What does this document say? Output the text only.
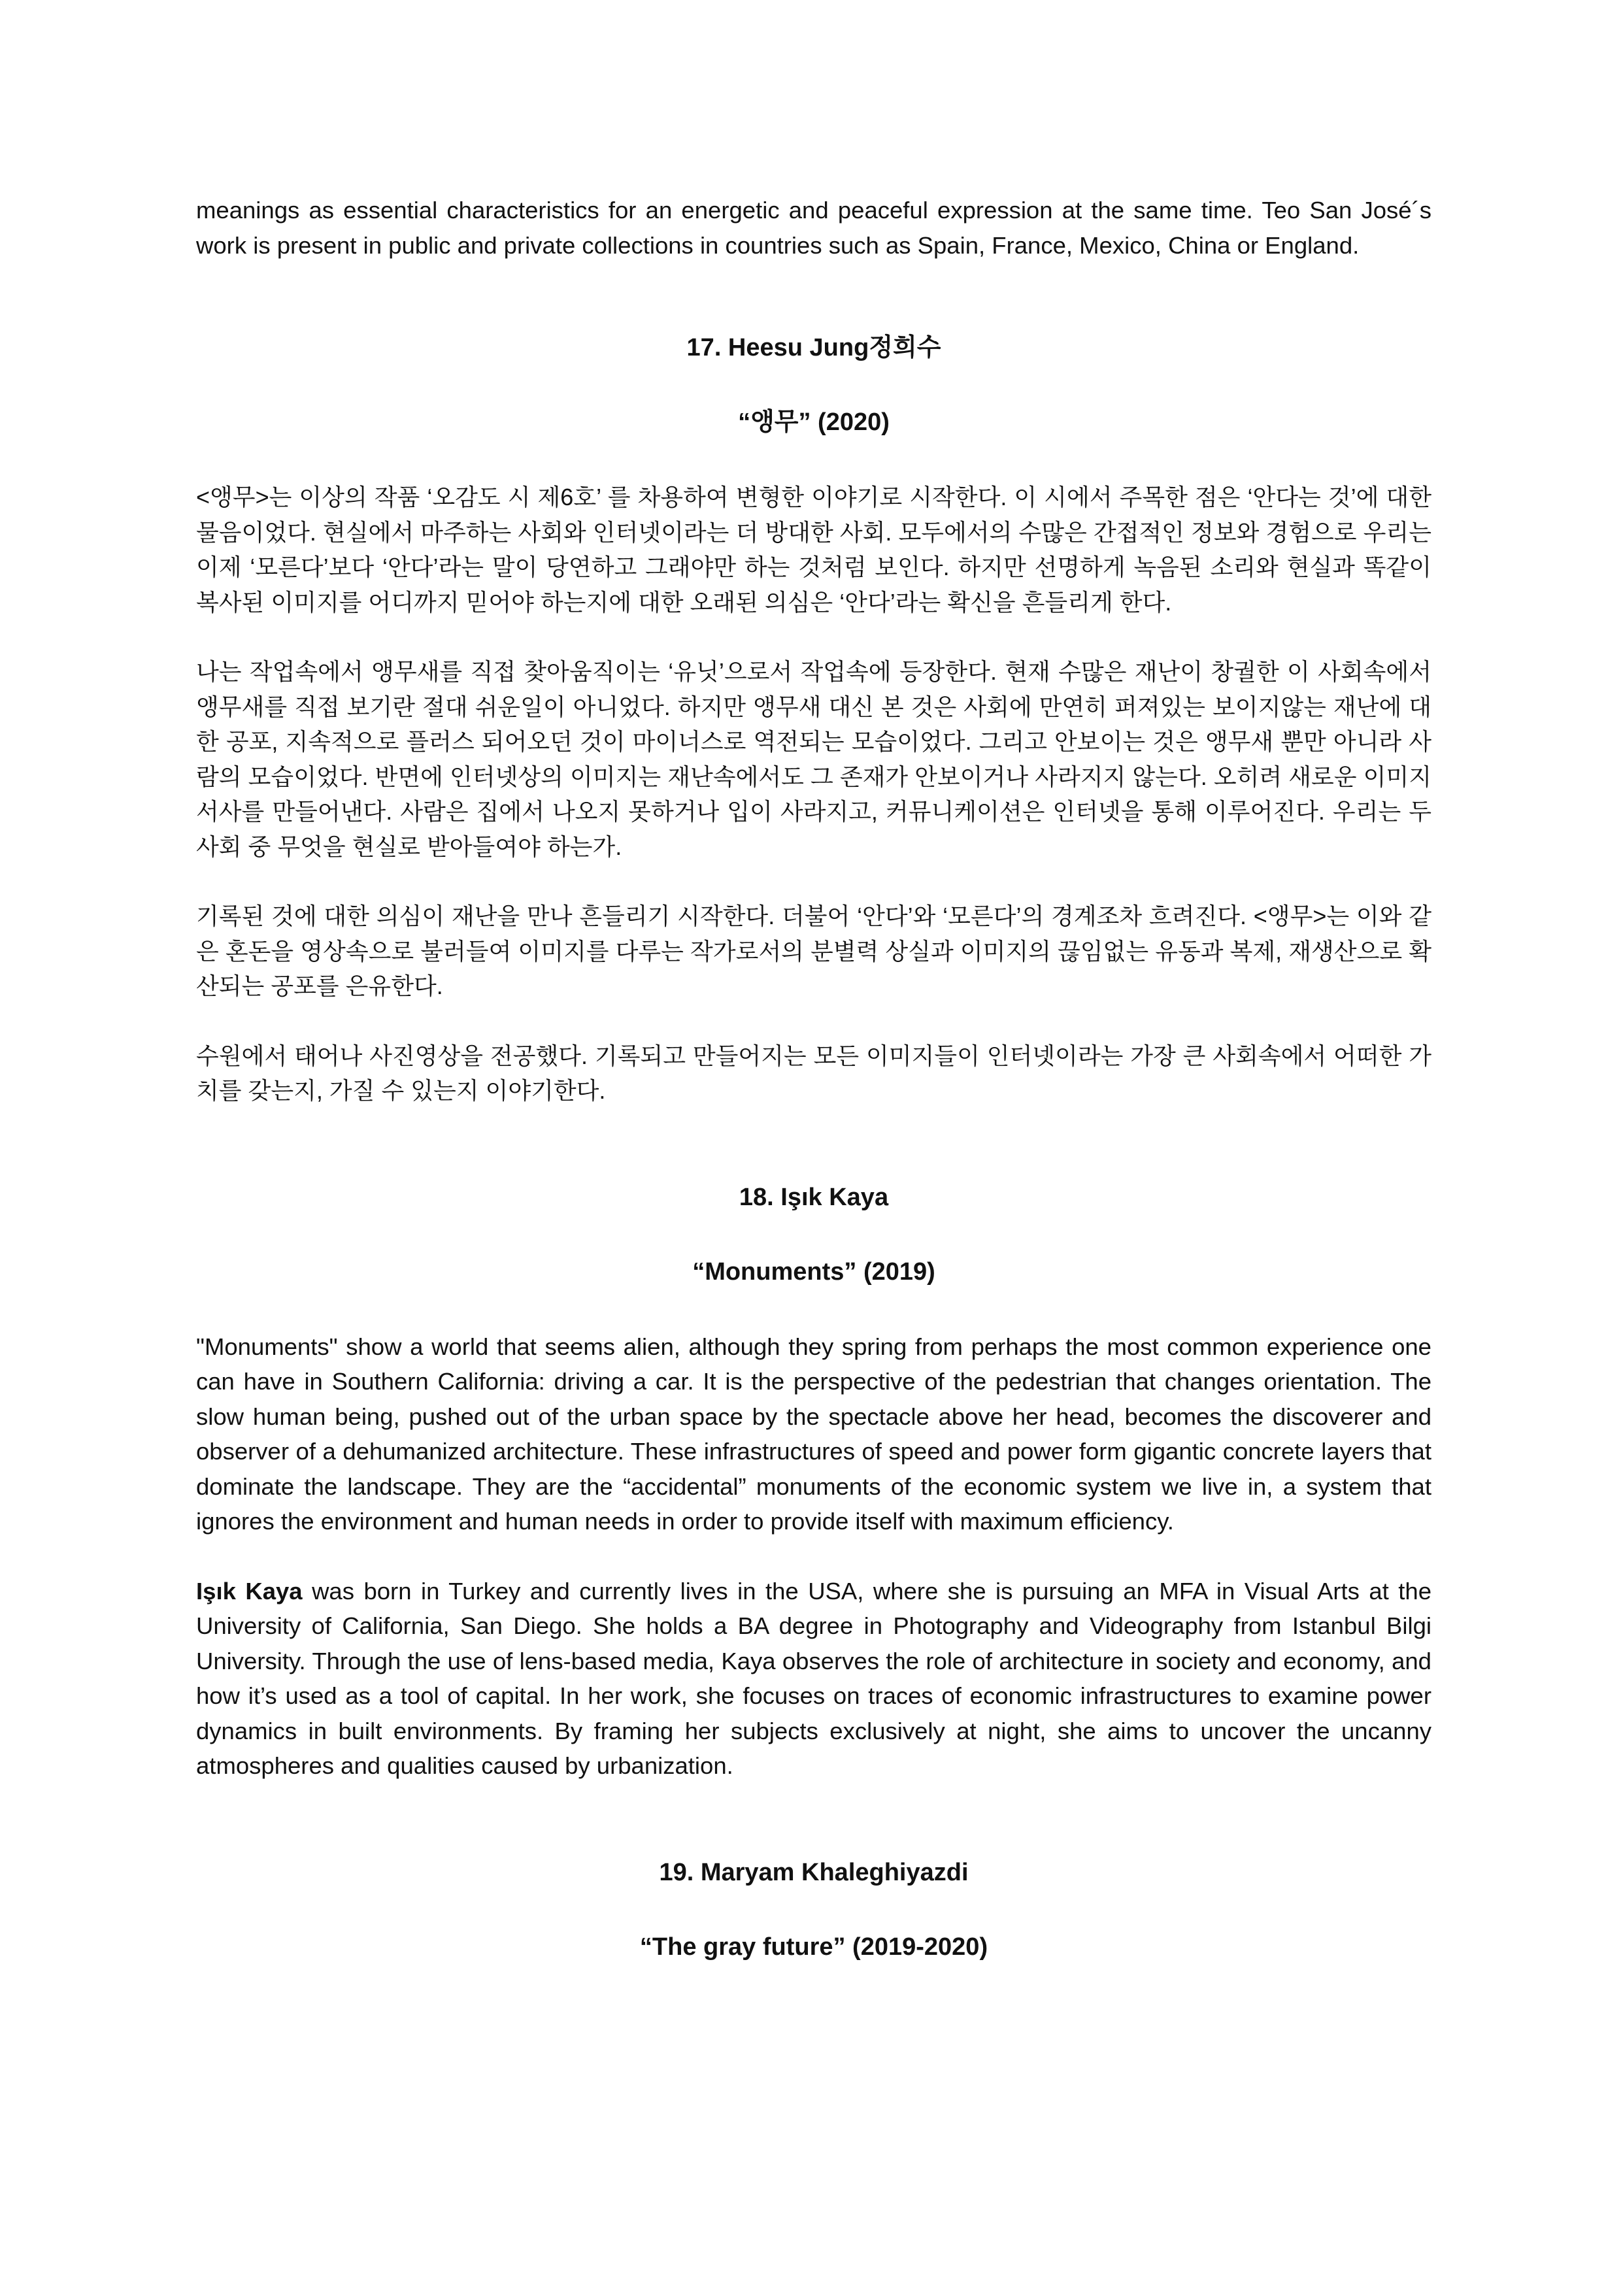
meanings as essential characteristics for an energetic and peaceful expression at the same time. Teo San José´s work is present in public and private collections in countries such as Spain, France, Mexico, China or England.

17. Heesu Jung정희수
“앵무” (2020)

<앵무>는 이상의 작품 ‘오감도 시 제6호’ 를 차용하여 변형한 이야기로 시작한다. 이 시에서 주목한 점은 ‘안다는 것’에 대한 물음이었다. 현실에서 마주하는 사회와 인터넷이라는 더 방대한 사회. 모두에서의 수많은 간접적인 정보와 경험으로 우리는 이제 ‘모른다’보다 ‘안다’라는 말이 당연하고 그래야만 하는 것처럼 보인다. 하지만 선명하게 녹음된 소리와 현실과 똑같이 복사된 이미지를 어디까지 믿어야 하는지에 대한 오래된 의심은 ‘안다’라는 확신을 흔들리게 한다.

나는 작업속에서 앵무새를 직접 찾아움직이는 ‘유닛’으로서 작업속에 등장한다. 현재 수많은 재난이 창궐한 이 사회속에서 앵무새를 직접 보기란 절대 쉬운일이 아니었다. 하지만 앵무새 대신 본 것은 사회에 만연히 퍼져있는 보이지않는 재난에 대한 공포, 지속적으로 플러스 되어오던 것이 마이너스로 역전되는 모습이었다. 그리고 안보이는 것은 앵무새 뿐만 아니라 사람의 모습이었다. 반면에 인터넷상의 이미지는 재난속에서도 그 존재가 안보이거나 사라지지 않는다. 오히려 새로운 이미지 서사를 만들어낸다. 사람은 집에서 나오지 못하거나 입이 사라지고, 커뮤니케이션은 인터넷을 통해 이루어진다. 우리는 두 사회 중 무엇을 현실로 받아들여야 하는가.

기록된 것에 대한 의심이 재난을 만나 흔들리기 시작한다. 더불어 ‘안다’와 ‘모른다’의 경계조차 흐려진다. <앵무>는 이와 같은 혼돈을 영상속으로 불러들여 이미지를 다루는 작가로서의 분별력 상실과 이미지의 끊임없는 유동과 복제, 재생산으로 확산되는 공포를 은유한다.

수원에서 태어나 사진영상을 전공했다. 기록되고 만들어지는 모든 이미지들이 인터넷이라는 가장 큰 사회속에서 어떠한 가치를 갖는지, 가질 수 있는지 이야기한다.

18. Işık Kaya
“Monuments” (2019)

"Monuments" show a world that seems alien, although they spring from perhaps the most common experience one can have in Southern California: driving a car. It is the perspective of the pedestrian that changes orientation. The slow human being, pushed out of the urban space by the spectacle above her head, becomes the discoverer and observer of a dehumanized architecture. These infrastructures of speed and power form gigantic concrete layers that dominate the landscape. They are the “accidental” monuments of the economic system we live in, a system that ignores the environment and human needs in order to provide itself with maximum efficiency.

Işık Kaya was born in Turkey and currently lives in the USA, where she is pursuing an MFA in Visual Arts at the University of California, San Diego. She holds a BA degree in Photography and Videography from Istanbul Bilgi University. Through the use of lens-based media, Kaya observes the role of architecture in society and economy, and how it’s used as a tool of capital. In her work, she focuses on traces of economic infrastructures to examine power dynamics in built environments. By framing her subjects exclusively at night, she aims to uncover the uncanny atmospheres and qualities caused by urbanization.

19. Maryam Khaleghiyazdi
“The gray future” (2019-2020)
